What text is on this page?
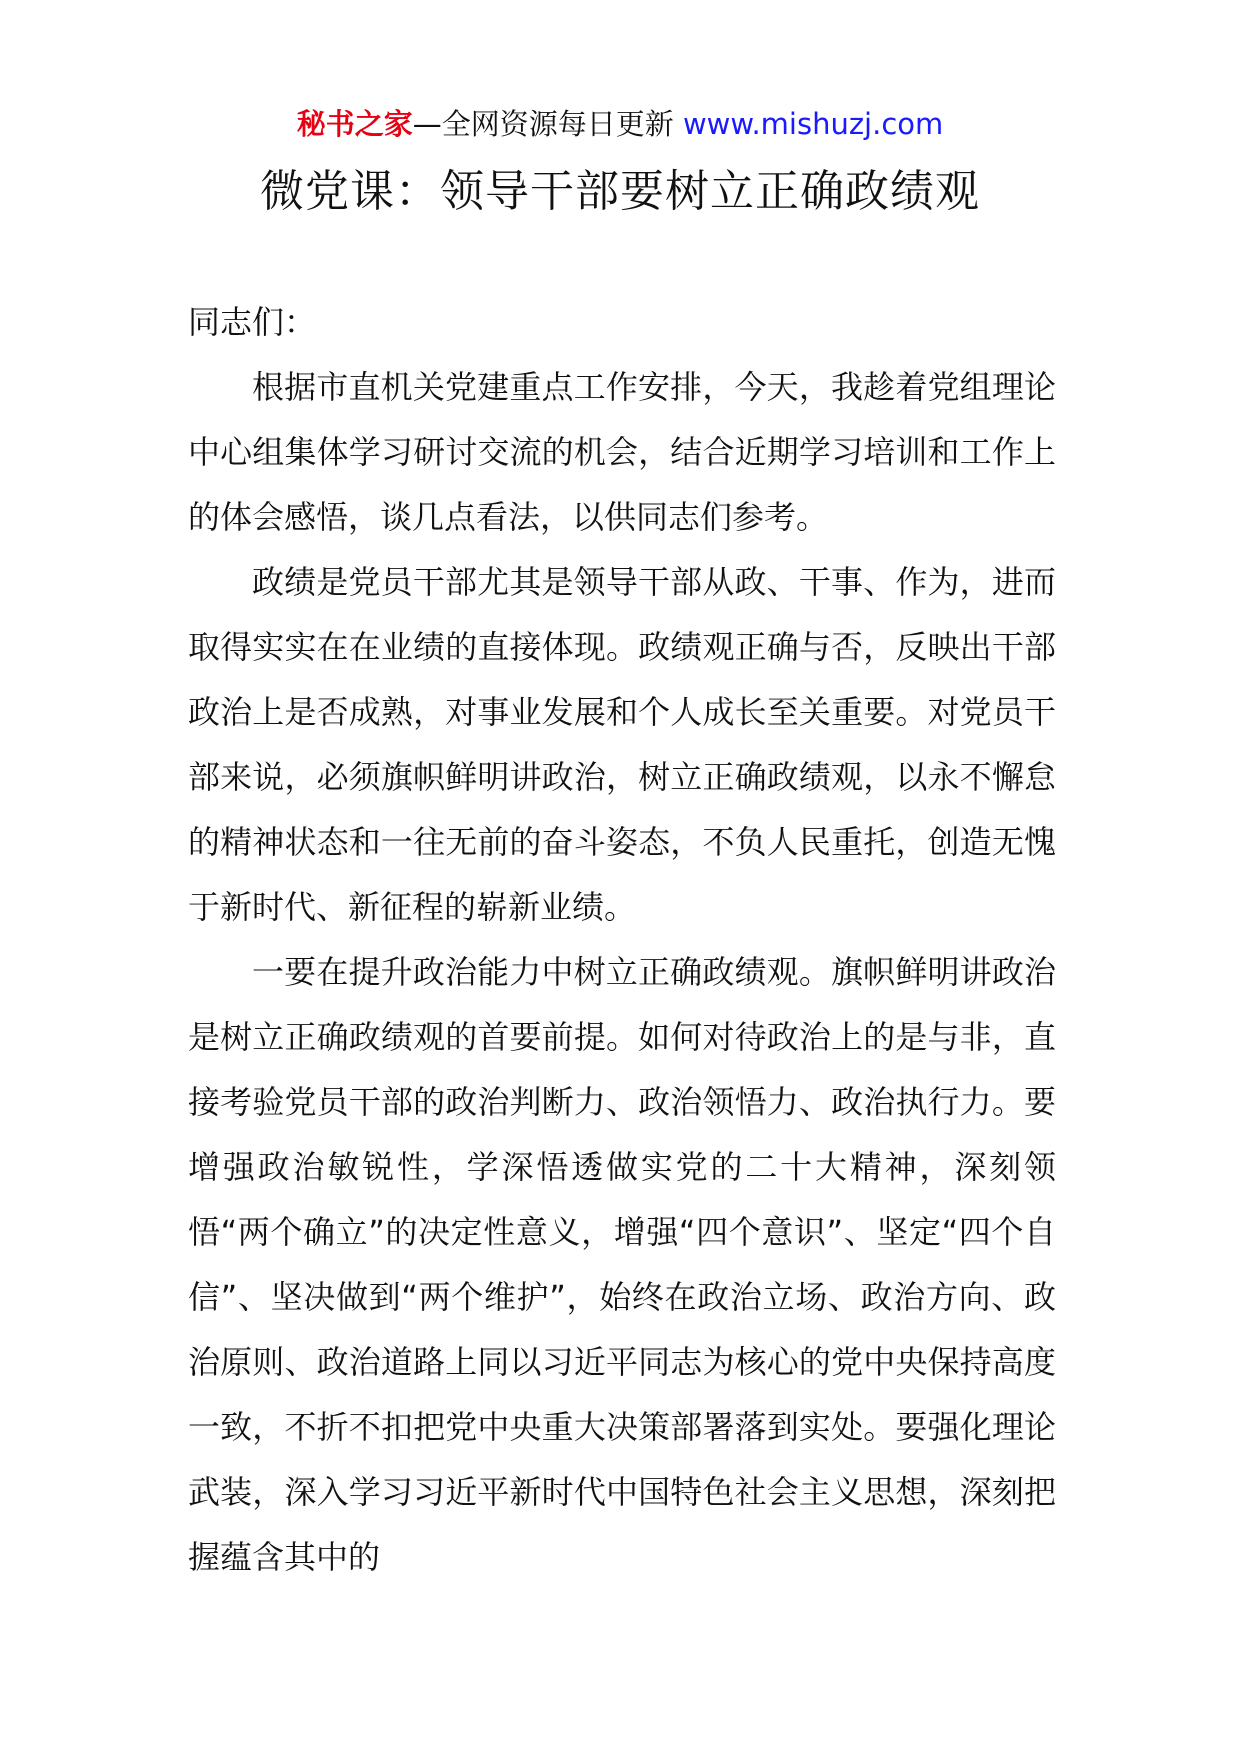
秘书之家—全网资源每日更新 www.mishuzj.com
微党课：领导干部要树立正确政绩观

同志们：

根据市直机关党建重点工作安排，今天，我趁着党组理论中心组集体学习研讨交流的机会，结合近期学习培训和工作上的体会感悟，谈几点看法，以供同志们参考。

政绩是党员干部尤其是领导干部从政、干事、作为，进而取得实实在在业绩的直接体现。政绩观正确与否，反映出干部政治上是否成熟，对事业发展和个人成长至关重要。对党员干部来说，必须旗帜鲜明讲政治，树立正确政绩观，以永不懈怠的精神状态和一往无前的奋斗姿态，不负人民重托，创造无愧于新时代、新征程的崭新业绩。

一要在提升政治能力中树立正确政绩观。旗帜鲜明讲政治是树立正确政绩观的首要前提。如何对待政治上的是与非，直接考验党员干部的政治判断力、政治领悟力、政治执行力。要增强政治敏锐性，学深悟透做实党的二十大精神，深刻领悟“两个确立”的决定性意义，增强“四个意识”、坚定“四个自信”、坚决做到“两个维护”，始终在政治立场、政治方向、政治原则、政治道路上同以习近平同志为核心的党中央保持高度一致，不折不扣把党中央重大决策部署落到实处。要强化理论武装，深入学习习近平新时代中国特色社会主义思想，深刻把握蕴含其中的
